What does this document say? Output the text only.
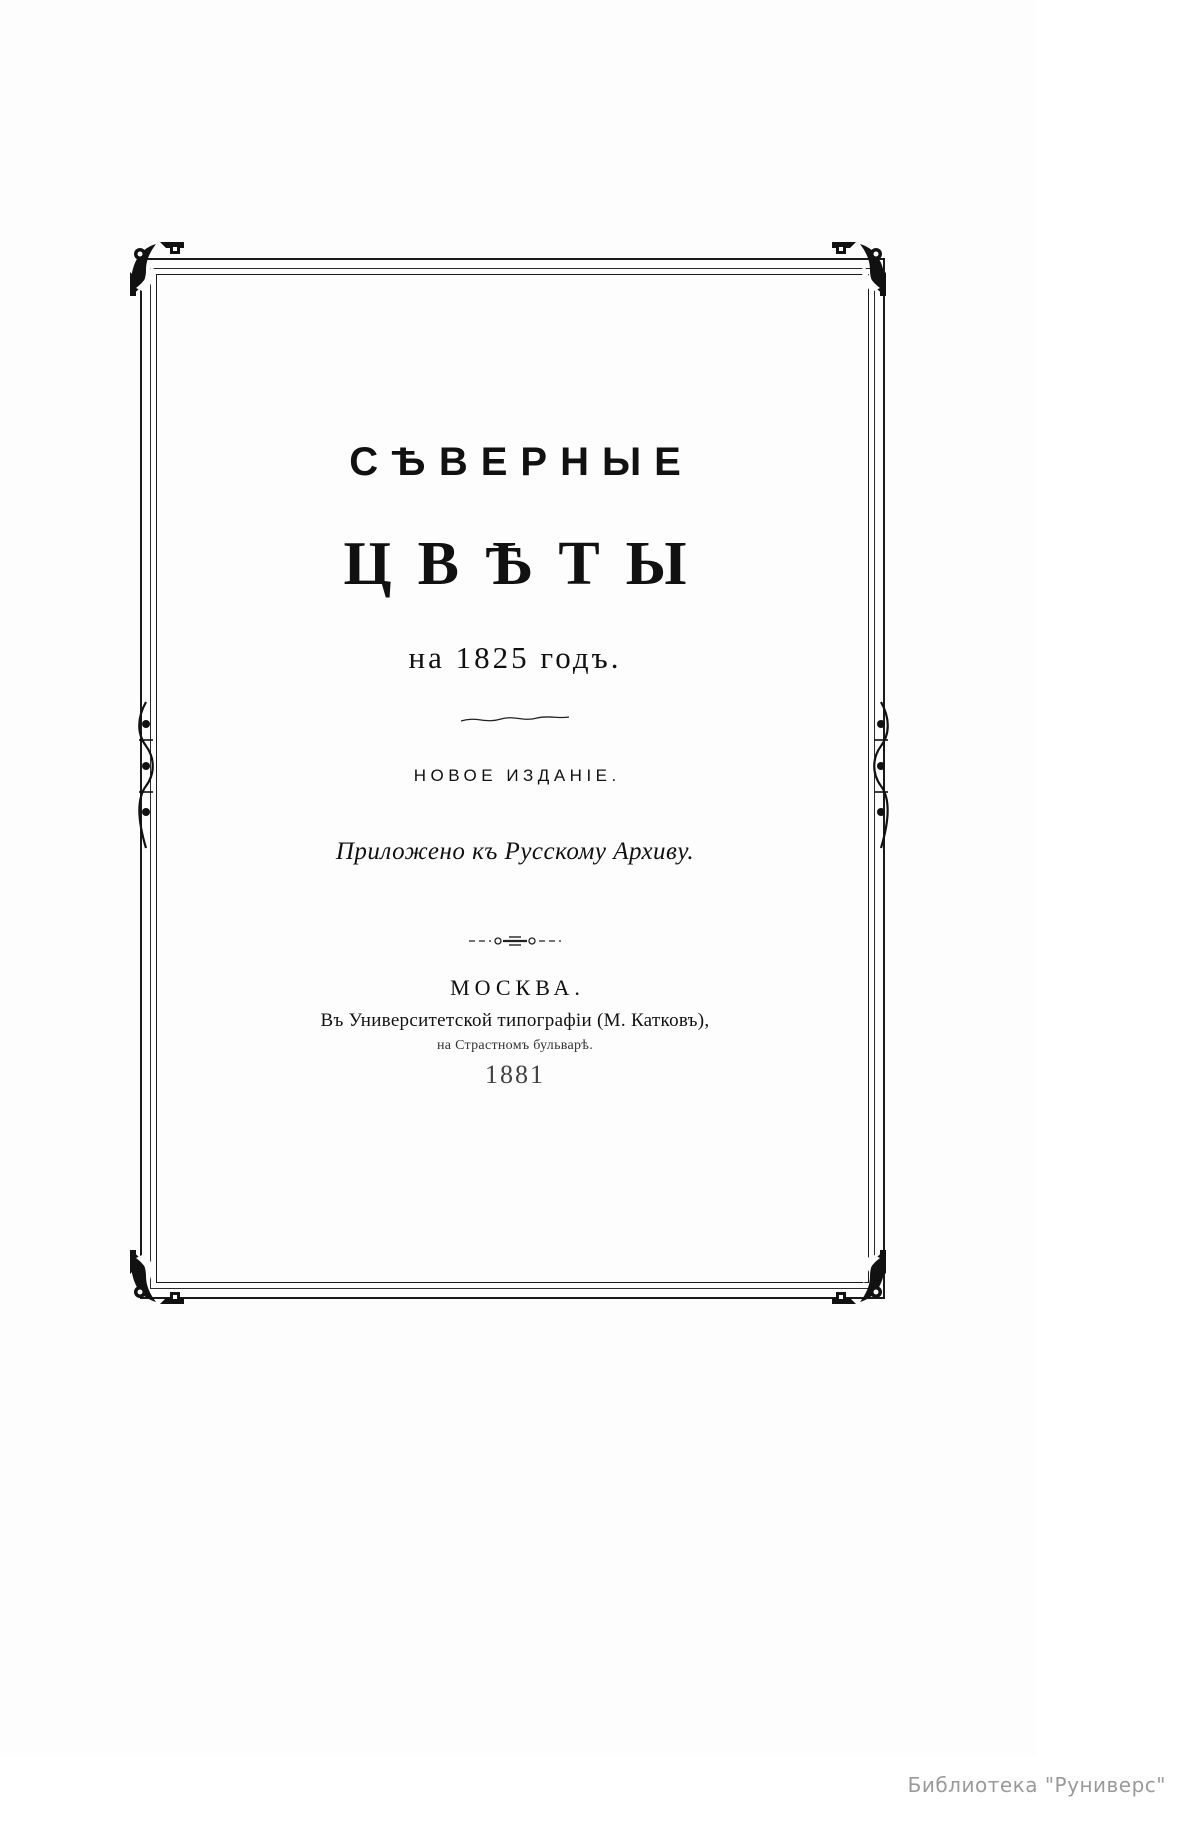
СѢВЕРНЫЕ
ЦВѢТЫ
на 1825 годъ.
НОВОЕ ИЗДАНIЕ.
Приложено къ Русскому Архиву.
МОСКВА.
Въ Университетской типографiи (М. Катковъ),
на Страстномъ бульварѣ.
1881
Библиотека "Руниверс"
